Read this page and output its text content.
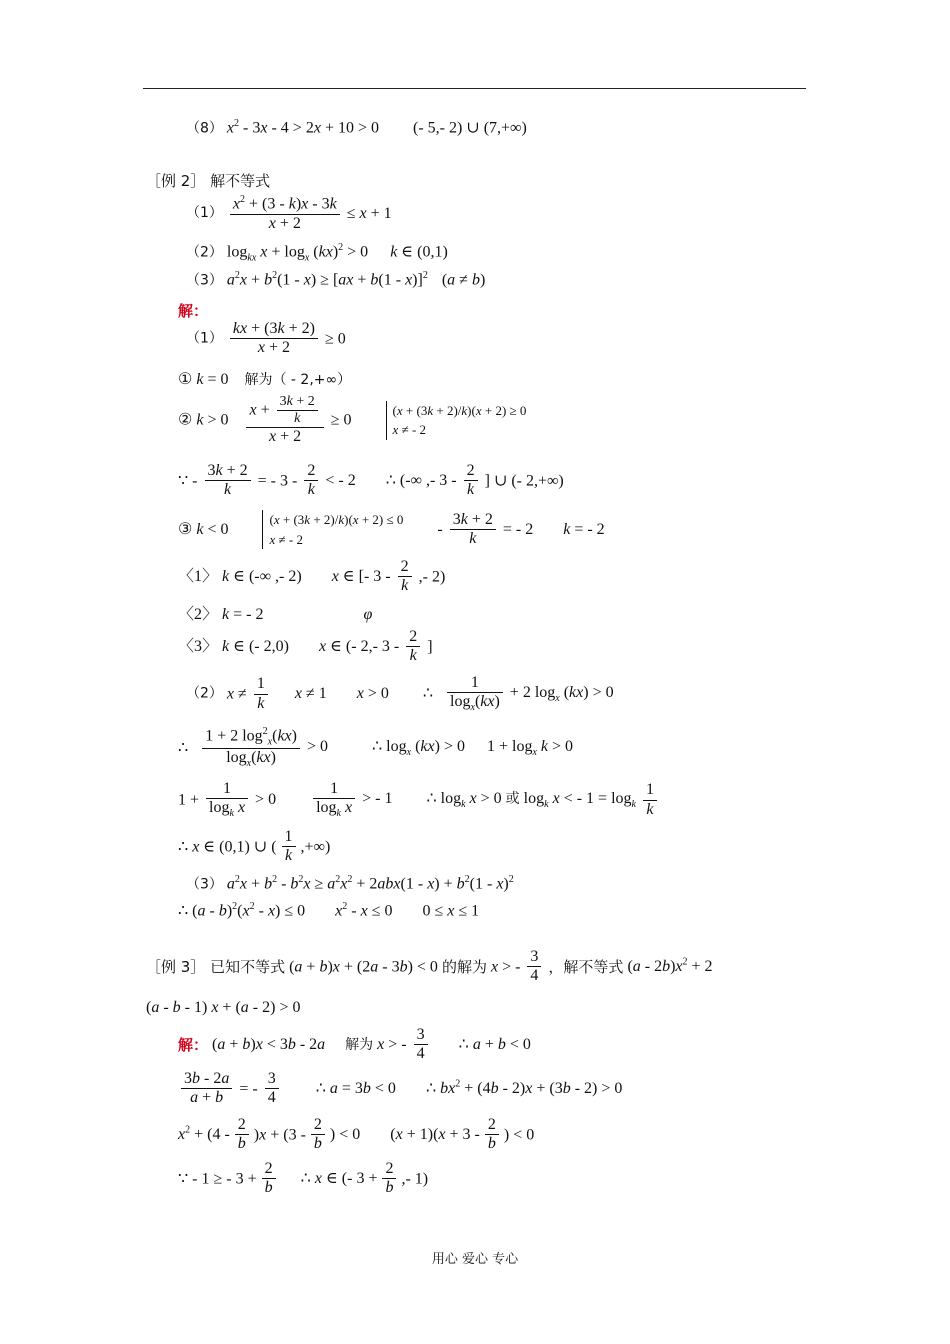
（8） $x^2 - 3x - 4 > 2x + 10 > 0$ (- 5,- 2) ∪ (7,+∞)
［例 2］ 解不等式
$(1) \frac{x^2 + (3 - k)x - 3k}{x + 2} \le x + 1$
（2） $\log_{kx} x + \log_x (kx)^2 > 0$ k ∈ (0,1)
（3） $a^2x + b^2(1 - x) \ge [ax + b(1 - x)]^2$ (a ≠ b)
解：
$(1) \frac{kx + (3k + 2)}{x + 2} \ge 0$
① k = 0 解为（ - 2,+∞）
② $k > 0 \frac{x + \frac{3k + 2}{k}}{x + 2} \ge 0$ (x + (3k + 2)/k)(x + 2) ≥ 0
x ≠ - 2
∵ - $\frac{3k + 2}{k}$ = - $3 - \frac{2}{k}$ < - 2 ∴ (-∞ ,- $3 - \frac{2}{k}$ ] ∪ (- 2,+∞)
③ k < 0 (x + (3k + 2)/k)(x + 2) ≤ 0
x ≠ - $2 - \frac{3k + 2}{k}$ = - 2 k = - 2
〈1〉 k ∈ (-∞ ,- 2) x ∈ [- $3 - \frac{2}{k}$ ,- 2)
〈2〉 k = - 2	φ
〈3〉 k ∈ (- 2,0) x ∈ (- 2,- $3 - \frac{2}{k}$ ]
（2） $x \ne \frac{1}{k}$ x ≠ 1 x > 0 ∴ $\frac{1}{\log_x(kx)} + 2$ $\log_x (kx) > 0$
∴ $\frac{1 + 2 \log^2_x(kx)}{\log_x(kx)} > 0$	∴ $\log_x (kx) > 0$ $1 + \log_x k > 0$
$1 + \frac{1}{\log_k x} > 0 \frac{1}{\log_k x}$ > - 1 ∴ $\log_k x > 0$ 或 $\log_k x$ < - $1 = \log_k \frac{1}{k}$
∴ x ∈ (0,1) ∪ ( $\frac{1}{k}$ ,+∞)
（3） $a^2x + b^2 - b^2x \ge a^2x^2 + 2abx(1 - x) + b^2(1 - x)^2$
∴ $(a - b)^2(x^2 - x) \le 0$ $x^2 - x \le 0$ 0 ≤ x ≤ 1
［例 3］ 已知不等式 (a + b)x + (2a - 3b) < 0 的解为 x > - $\frac{3}{4}$ ，解不等式 $(a - 2b)x^2 + 2$
(a - b - 1) x + (a - 2) > 0
解： (a + b)x < 3b - 2a 解为 x > - $\frac{3}{4}$ ∴ a + b < 0
$\frac{3b - 2a}{a + b}$ = - $\frac{3}{4}$ ∴ a = 3b < 0 ∴ $bx^2 + (4b - 2)x + (3b - 2) > 0$
$x^2 + (4 - \frac{2}{b} )x + (3 - \frac{2}{b}$ ) < 0 $(x + 1)(x + 3 - \frac{2}{b}$ ) < 0
∵ - 1 ≥ - $3 + \frac{2}{b}$ ∴ x ∈ (- $3 + \frac{2}{b}$ ,- 1)
用心 爱心 专心
